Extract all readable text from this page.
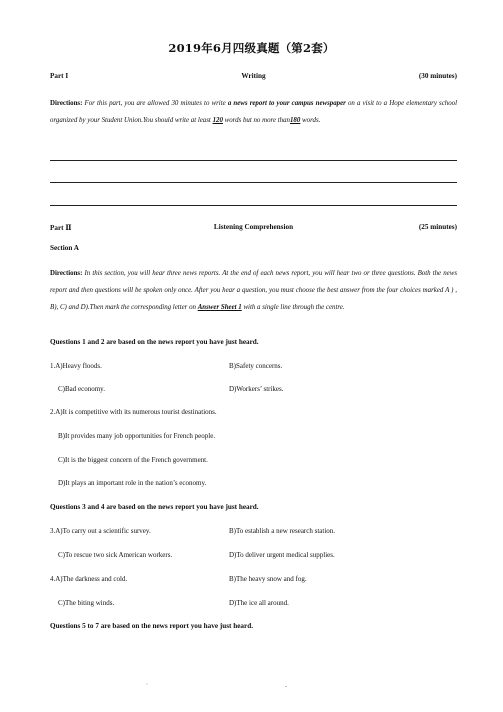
2019年6月四级真题（第2套）
Part I	Writing	(30 minutes)
Directions: For this part, you are allowed 30 minutes to write a news report to your campus newspaper on a visit to a Hope elementary school organized by your Student Union.You should write at least 120 words but no more than180 words.
Part Ⅱ	Listening Comprehension	(25 minutes)
Section A
Directions: In this section, you will hear three news reports. At the end of each news report, you will hear two or three questions. Both the news report and then questions will be spoken only once. After you hear a question, you must choose the best answer from the four choices marked A ) , B), C) and D).Then mark the corresponding letter on Answer Sheet 1 with a single line through the centre.
Questions 1 and 2 are based on the news report you have just heard.
1.A)Heavy floods.	B)Safety concerns.
C)Bad economy.	D)Workers’ strikes.
2.A)It is competitive with its numerous tourist destinations.
B)It provides many job opportunities for French people.
C)It is the biggest concern of the French government.
D)It plays an important role in the nation’s economy.
Questions 3 and 4 are based on the news report you have just heard.
3.A)To carry out a scientific survey.	B)To establish a new research station.
C)To rescue two sick American workers.	D)To deliver urgent medical supplies.
4.A)The darkness and cold.	B)The heavy snow and fog.
C)The biting winds.	D)The ice all around.
Questions 5 to 7 are based on the news report you have just heard.
`	-
